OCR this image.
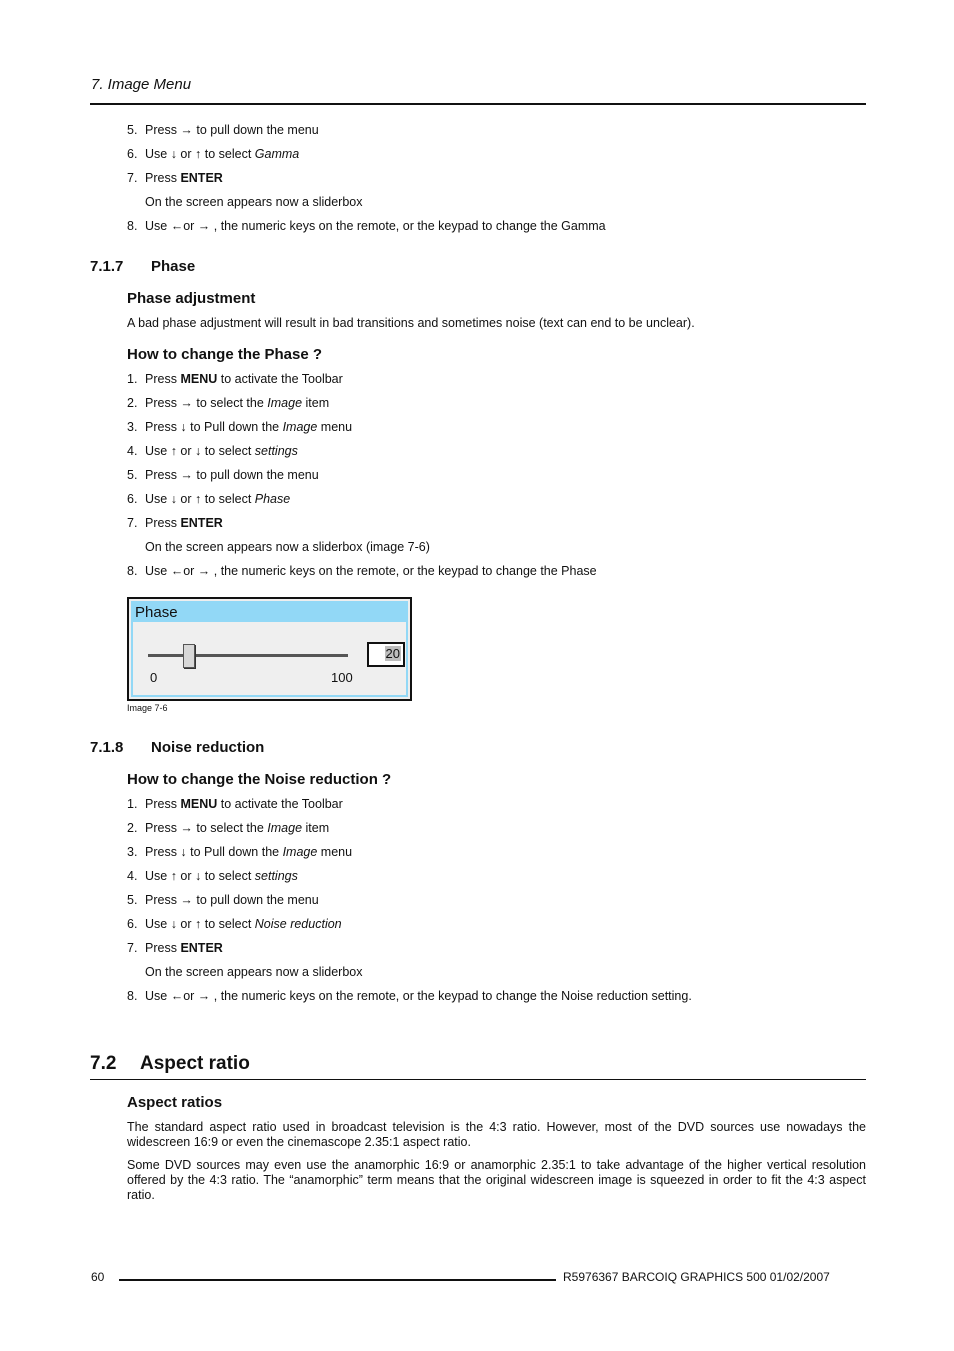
7. Image Menu
5. Press → to pull down the menu
6. Use ↓ or ↑ to select Gamma
7. Press ENTER
On the screen appears now a sliderbox
8. Use ←or → , the numeric keys on the remote, or the keypad to change the Gamma
7.1.7 Phase
Phase adjustment
A bad phase adjustment will result in bad transitions and sometimes noise (text can end to be unclear).
How to change the Phase ?
1. Press MENU to activate the Toolbar
2. Press → to select the Image item
3. Press ↓ to Pull down the Image menu
4. Use ↑ or ↓ to select settings
5. Press → to pull down the menu
6. Use ↓ or ↑ to select Phase
7. Press ENTER
On the screen appears now a sliderbox (image 7-6)
8. Use ←or → , the numeric keys on the remote, or the keypad to change the Phase
Phase
20
0	100
Image 7-6
7.1.8 Noise reduction
How to change the Noise reduction ?
1. Press MENU to activate the Toolbar
2. Press → to select the Image item
3. Press ↓ to Pull down the Image menu
4. Use ↑ or ↓ to select settings
5. Press → to pull down the menu
6. Use ↓ or ↑ to select Noise reduction
7. Press ENTER
On the screen appears now a sliderbox
8. Use ←or → , the numeric keys on the remote, or the keypad to change the Noise reduction setting.
7.2 Aspect ratio
Aspect ratios
The standard aspect ratio used in broadcast television is the 4:3 ratio. However, most of the DVD sources use nowadays the widescreen 16:9 or even the cinemascope 2.35:1 aspect ratio.
Some DVD sources may even use the anamorphic 16:9 or anamorphic 2.35:1 to take advantage of the higher vertical resolution offered by the 4:3 ratio. The “anamorphic” term means that the original widescreen image is squeezed in order to fit the 4:3 aspect ratio.
60	R5976367 BARCOIQ GRAPHICS 500 01/02/2007
